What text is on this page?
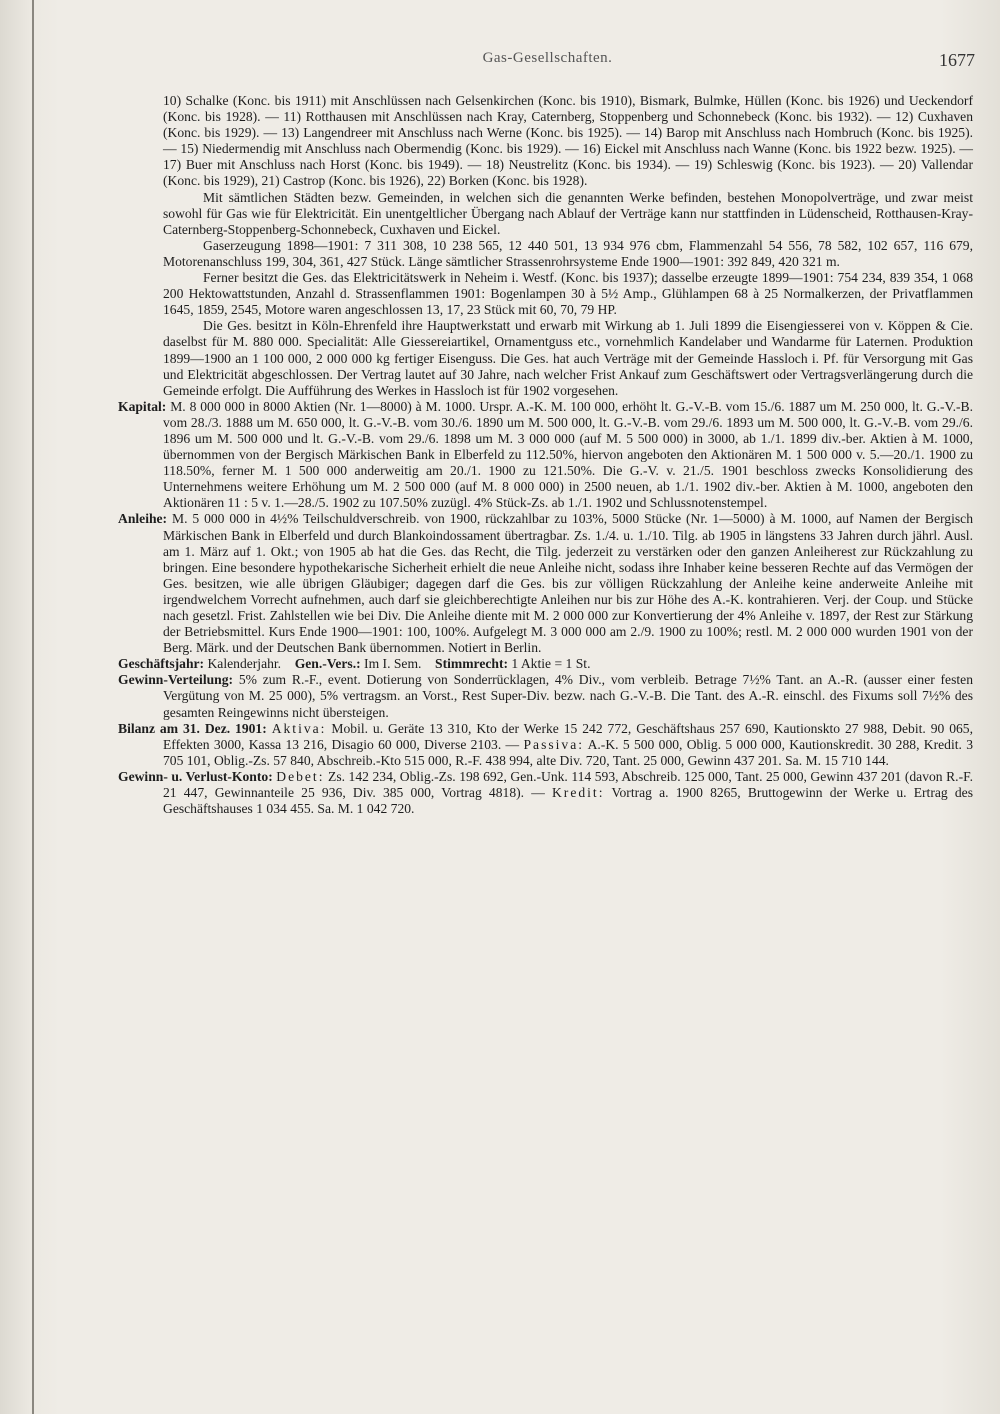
Gas-Gesellschaften.	1677

10) Schalke (Konc. bis 1911) mit Anschlüssen nach Gelsenkirchen (Konc. bis 1910), Bismark, Bulmke, Hüllen (Konc. bis 1926) und Ueckendorf (Konc. bis 1928). — 11) Rotthausen mit Anschlüssen nach Kray, Caternberg, Stoppenberg und Schonnebeck (Konc. bis 1932). — 12) Cuxhaven (Konc. bis 1929). — 13) Langendreer mit Anschluss nach Werne (Konc. bis 1925). — 14) Barop mit Anschluss nach Hombruch (Konc. bis 1925). — 15) Niedermendig mit Anschluss nach Obermendig (Konc. bis 1929). — 16) Eickel mit Anschluss nach Wanne (Konc. bis 1922 bezw. 1925). — 17) Buer mit Anschluss nach Horst (Konc. bis 1949). — 18) Neustrelitz (Konc. bis 1934). — 19) Schleswig (Konc. bis 1923). — 20) Vallendar (Konc. bis 1929), 21) Castrop (Konc. bis 1926), 22) Borken (Konc. bis 1928).

Mit sämtlichen Städten bezw. Gemeinden, in welchen sich die genannten Werke befinden, bestehen Monopolverträge, und zwar meist sowohl für Gas wie für Elektricität. Ein unentgeltlicher Übergang nach Ablauf der Verträge kann nur stattfinden in Lüdenscheid, Rotthausen-Kray-Caternberg-Stoppenberg-Schonnebeck, Cuxhaven und Eickel.

Gaserzeugung 1898—1901: 7 311 308, 10 238 565, 12 440 501, 13 934 976 cbm, Flammenzahl 54 556, 78 582, 102 657, 116 679, Motorenanschluss 199, 304, 361, 427 Stück. Länge sämtlicher Strassenrohrsysteme Ende 1900—1901: 392 849, 420 321 m.

Ferner besitzt die Ges. das Elektricitätswerk in Neheim i. Westf. (Konc. bis 1937); dasselbe erzeugte 1899—1901: 754 234, 839 354, 1 068 200 Hektowattstunden, Anzahl d. Strassenflammen 1901: Bogenlampen 30 à 5½ Amp., Glühlampen 68 à 25 Normalkerzen, der Privatflammen 1645, 1859, 2545, Motore waren angeschlossen 13, 17, 23 Stück mit 60, 70, 79 HP.

Die Ges. besitzt in Köln-Ehrenfeld ihre Hauptwerkstatt und erwarb mit Wirkung ab 1. Juli 1899 die Eisengiesserei von v. Köppen & Cie. daselbst für M. 880 000. Specialität: Alle Giessereiartikel, Ornamentguss etc., vornehmlich Kandelaber und Wandarme für Laternen. Produktion 1899—1900 an 1 100 000, 2 000 000 kg fertiger Eisenguss. Die Ges. hat auch Verträge mit der Gemeinde Hassloch i. Pf. für Versorgung mit Gas und Elektricität abgeschlossen. Der Vertrag lautet auf 30 Jahre, nach welcher Frist Ankauf zum Geschäftswert oder Vertragsverlängerung durch die Gemeinde erfolgt. Die Aufführung des Werkes in Hassloch ist für 1902 vorgesehen.

Kapital: M. 8 000 000 in 8000 Aktien (Nr. 1—8000) à M. 1000. Urspr. A.-K. M. 100 000, erhöht lt. G.-V.-B. vom 15./6. 1887 um M. 250 000, lt. G.-V.-B. vom 28./3. 1888 um M. 650 000, lt. G.-V.-B. vom 30./6. 1890 um M. 500 000, lt. G.-V.-B. vom 29./6. 1893 um M. 500 000, lt. G.-V.-B. vom 29./6. 1896 um M. 500 000 und lt. G.-V.-B. vom 29./6. 1898 um M. 3 000 000 (auf M. 5 500 000) in 3000, ab 1./1. 1899 div.-ber. Aktien à M. 1000, übernommen von der Bergisch Märkischen Bank in Elberfeld zu 112.50%, hiervon angeboten den Aktionären M. 1 500 000 v. 5.—20./1. 1900 zu 118.50%, ferner M. 1 500 000 anderweitig am 20./1. 1900 zu 121.50%. Die G.-V. v. 21./5. 1901 beschloss zwecks Konsolidierung des Unternehmens weitere Erhöhung um M. 2 500 000 (auf M. 8 000 000) in 2500 neuen, ab 1./1. 1902 div.-ber. Aktien à M. 1000, angeboten den Aktionären 11 : 5 v. 1.—28./5. 1902 zu 107.50% zuzügl. 4% Stück-Zs. ab 1./1. 1902 und Schlussnotenstempel.

Anleihe: M. 5 000 000 in 4½% Teilschuldverschreib. von 1900, rückzahlbar zu 103%, 5000 Stücke (Nr. 1—5000) à M. 1000, auf Namen der Bergisch Märkischen Bank in Elberfeld und durch Blankoindossament übertragbar. Zs. 1./4. u. 1./10. Tilg. ab 1905 in längstens 33 Jahren durch jährl. Ausl. am 1. März auf 1. Okt.; von 1905 ab hat die Ges. das Recht, die Tilg. jederzeit zu verstärken oder den ganzen Anleiherest zur Rückzahlung zu bringen. Eine besondere hypothekarische Sicherheit erhielt die neue Anleihe nicht, sodass ihre Inhaber keine besseren Rechte auf das Vermögen der Ges. besitzen, wie alle übrigen Gläubiger; dagegen darf die Ges. bis zur völligen Rückzahlung der Anleihe keine anderweite Anleihe mit irgendwelchem Vorrecht aufnehmen, auch darf sie gleichberechtigte Anleihen nur bis zur Höhe des A.-K. kontrahieren. Verj. der Coup. und Stücke nach gesetzl. Frist. Zahlstellen wie bei Div. Die Anleihe diente mit M. 2 000 000 zur Konvertierung der 4% Anleihe v. 1897, der Rest zur Stärkung der Betriebsmittel. Kurs Ende 1900—1901: 100, 100%. Aufgelegt M. 3 000 000 am 2./9. 1900 zu 100%; restl. M. 2 000 000 wurden 1901 von der Berg. Märk. und der Deutschen Bank übernommen. Notiert in Berlin.

Geschäftsjahr: Kalenderjahr. Gen.-Vers.: Im I. Sem. Stimmrecht: 1 Aktie = 1 St.

Gewinn-Verteilung: 5% zum R.-F., event. Dotierung von Sonderrücklagen, 4% Div., vom verbleib. Betrage 7½% Tant. an A.-R. (ausser einer festen Vergütung von M. 25 000), 5% vertragsm. an Vorst., Rest Super-Div. bezw. nach G.-V.-B. Die Tant. des A.-R. einschl. des Fixums soll 7½% des gesamten Reingewinns nicht übersteigen.

Bilanz am 31. Dez. 1901: Aktiva: Mobil. u. Geräte 13 310, Kto der Werke 15 242 772, Geschäftshaus 257 690, Kautionskto 27 988, Debit. 90 065, Effekten 3000, Kassa 13 216, Disagio 60 000, Diverse 2103. — Passiva: A.-K. 5 500 000, Oblig. 5 000 000, Kautionskredit. 30 288, Kredit. 3 705 101, Oblig.-Zs. 57 840, Abschreib.-Kto 515 000, R.-F. 438 994, alte Div. 720, Tant. 25 000, Gewinn 437 201. Sa. M. 15 710 144.

Gewinn- u. Verlust-Konto: Debet: Zs. 142 234, Oblig.-Zs. 198 692, Gen.-Unk. 114 593, Abschreib. 125 000, Tant. 25 000, Gewinn 437 201 (davon R.-F. 21 447, Gewinnanteile 25 936, Div. 385 000, Vortrag 4818). — Kredit: Vortrag a. 1900 8265, Bruttogewinn der Werke u. Ertrag des Geschäftshauses 1 034 455. Sa. M. 1 042 720.
